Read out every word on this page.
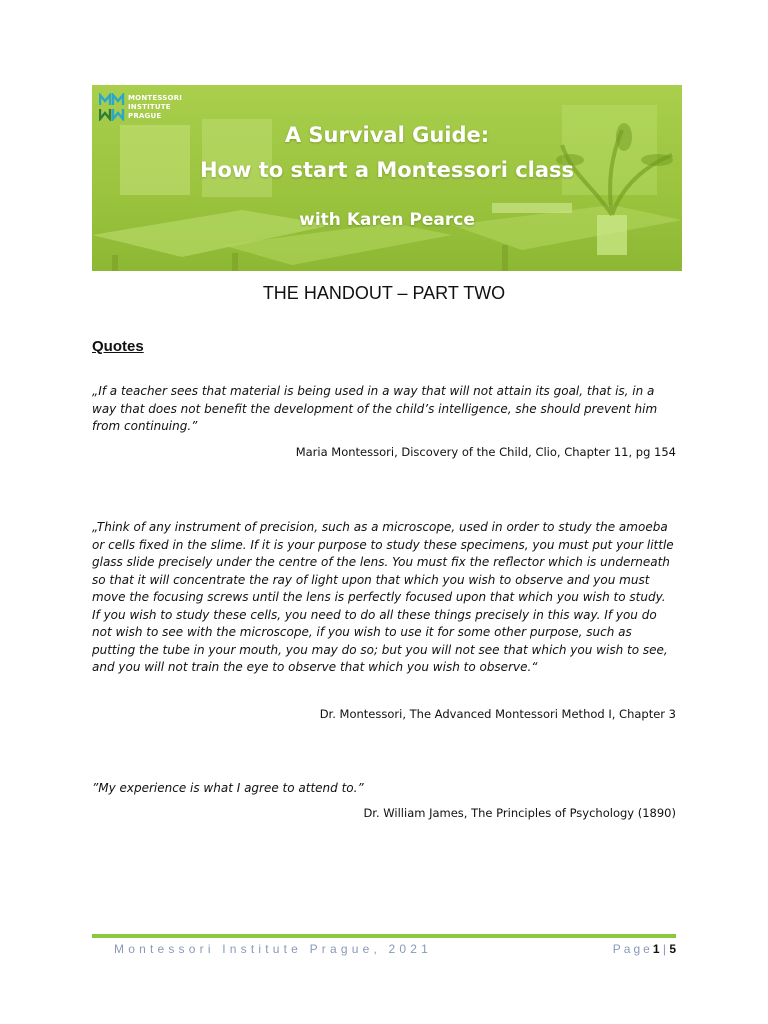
MONTESSORI
INSTITUTE
PRAGUE
A Survival Guide:
How to start a Montessori class
with Karen Pearce
THE HANDOUT – PART TWO
Quotes
„If a teacher sees that material is being used in a way that will not attain its goal, that is, in a way that does not benefit the development of the child’s intelligence, she should prevent him from continuing.”
Maria Montessori, Discovery of the Child, Clio, Chapter 11, pg 154
„Think of any instrument of precision, such as a microscope, used in order to study the amoeba or cells fixed in the slime. If it is your purpose to study these specimens, you must put your little glass slide precisely under the centre of the lens. You must fix the reflector which is underneath so that it will concentrate the ray of light upon that which you wish to observe and you must move the focusing screws until the lens is perfectly focused upon that which you wish to study. If you wish to study these cells, you need to do all these things precisely in this way. If you do not wish to see with the microscope, if you wish to use it for some other purpose, such as putting the tube in your mouth, you may do so; but you will not see that which you wish to see, and you will not train the eye to observe that which you wish to observe.“
Dr. Montessori, The Advanced Montessori Method I, Chapter 3
”My experience is what I agree to attend to.”
Dr. William James, The Principles of Psychology (1890)
Montessori Institute Prague, 2021	Page1 | 5
